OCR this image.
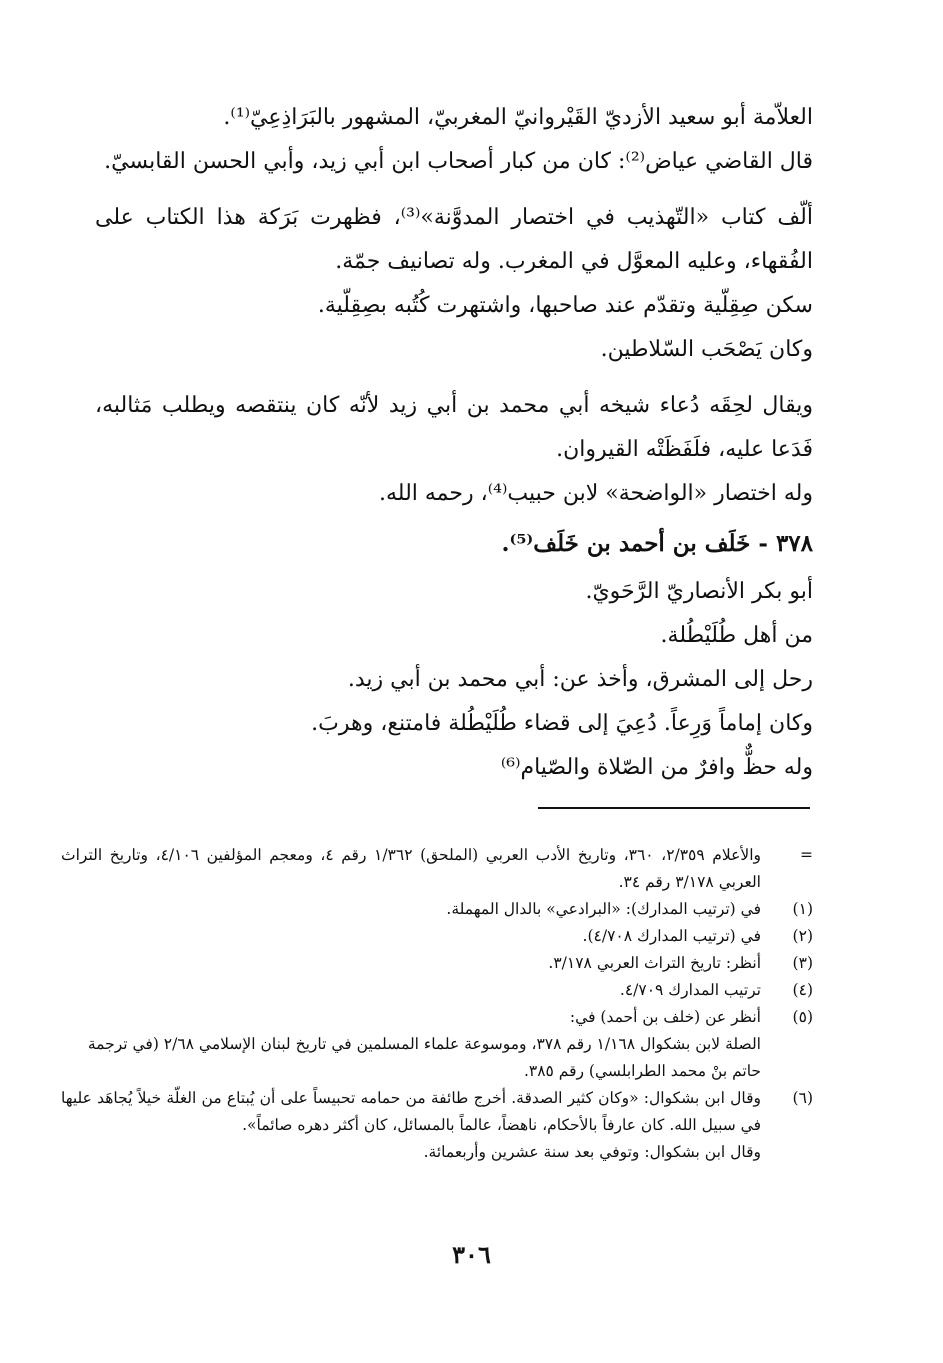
العلاّمة أبو سعيد الأزديّ القَيْروانيّ المغربيّ، المشهور بالبَرَاذِعِيّ⁽¹⁾.

قال القاضي عياض⁽²⁾: كان من كبار أصحاب ابن أبي زيد، وأبي الحسن القابسيّ.

ألّف كتاب «التّهذيب في اختصار المدوَّنة»⁽³⁾، فظهرت بَرَكة هذا الكتاب على الفُقهاء، وعليه المعوَّل في المغرب. وله تصانيف جمّة.

سكن صِقِلّية وتقدّم عند صاحبها، واشتهرت كُتُبه بصِقِلّية.

وكان يَصْحَب السّلاطين.

ويقال لحِقَه دُعاء شيخه أبي محمد بن أبي زيد لأنّه كان ينتقصه ويطلب مَثالبه، فَدَعا عليه، فلَفَظَتْه القيروان.

وله اختصار «الواضحة» لابن حبيب⁽⁴⁾، رحمه الله.

٣٧٨ - خَلَف بن أحمد بن خَلَف⁽⁵⁾.

أبو بكر الأنصاريّ الرَّحَويّ.

من أهل طُلَيْطُلة.

رحل إلى المشرق، وأخذ عن: أبي محمد بن أبي زيد.

وكان إماماً وَرِعاً. دُعِيَ إلى قضاء طُلَيْطُلة فامتنع، وهربَ.

وله حظٌّ وافرٌ من الصّلاة والصّيام⁽⁶⁾

=
والأعلام ٢/٣٥٩، ٣٦٠، وتاريخ الأدب العربي (الملحق) ١/٣٦٢ رقم ٤، ومعجم المؤلفين ٤/١٠٦، وتاريخ التراث العربي ٣/١٧٨ رقم ٣٤.
(١)
في (ترتيب المدارك): «البرادعي» بالدال المهملة.
(٢)
في (ترتيب المدارك ٤/٧٠٨).
(٣)
أنظر: تاريخ التراث العربي ٣/١٧٨.
(٤)
ترتيب المدارك ٤/٧٠٩.
(٥)
أنظر عن (خلف بن أحمد) في:
الصلة لابن بشكوال ١/١٦٨ رقم ٣٧٨، وموسوعة علماء المسلمين في تاريخ لبنان الإسلامي ٢/٦٨ (في ترجمة حاتم بنْ محمد الطرابلسي) رقم ٣٨٥.
(٦)
وقال ابن بشكوال: «وكان كثير الصدقة. أخرج طائفة من حمامه تحبيساً على أن يُبتاع من الغلّة خيلاً يُجاهَد عليها في سبيل الله. كان عارفاً بالأحكام، ناهضاً، عالماً بالمسائل، كان أكثر دهره صائماً».
وقال ابن بشكوال: وتوفي بعد سنة عشرين وأربعمائة.
٣٠٦
